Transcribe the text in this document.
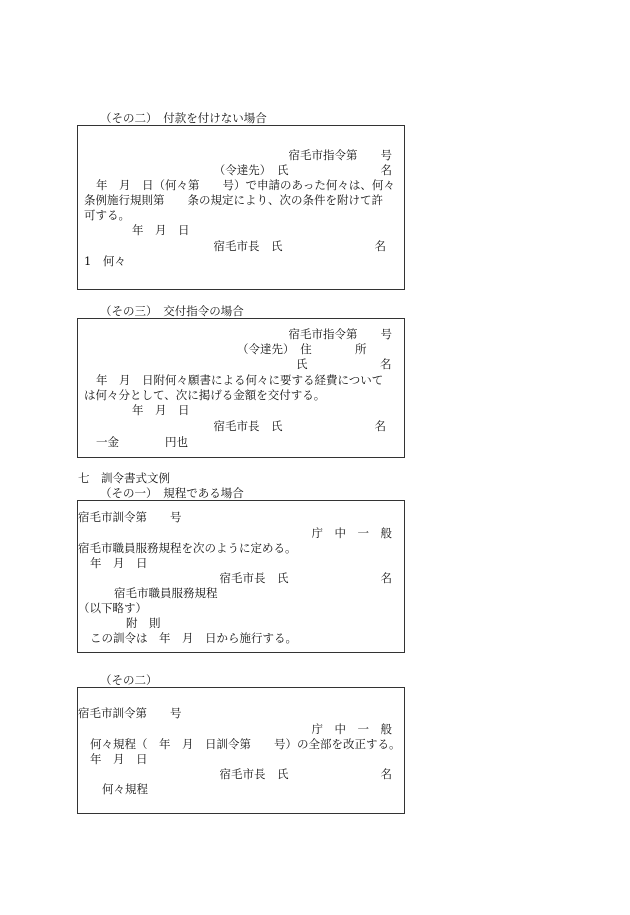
（その二）　付款を付けない場合
宿毛市指令第　　号
（令達先）　氏　　　　　　　　名
年　月　日（何々第　　号）で申請のあった何々は、何々
条例施行規則第　　条の規定により、次の条件を附けて許
可する。
年　月　日
宿毛市長　氏　　　　　　　　名
1　何々
（その三）　交付指令の場合
宿毛市指令第　　号
（令達先）　住	所
氏	名
年　月　日附何々願書による何々に要する経費について
は何々分として、次に掲げる金額を交付する。
年　月　日
宿毛市長　氏　　　　　　　　名
一金　　　　円也
七　訓令書式文例
（その一）　規程である場合
宿毛市訓令第　　号
庁　中　一　般
宿毛市職員服務規程を次のように定める。
年　月　日
宿毛市長　氏　　　　　　　　名
宿毛市職員服務規程
（以下略す）
附　則
この訓令は　年　月　日から施行する。
（その二）
宿毛市訓令第　　号
庁　中　一　般
何々規程（　年　月　日訓令第　　号）の全部を改正する。
年　月　日
宿毛市長　氏　　　　　　　　名
何々規程
